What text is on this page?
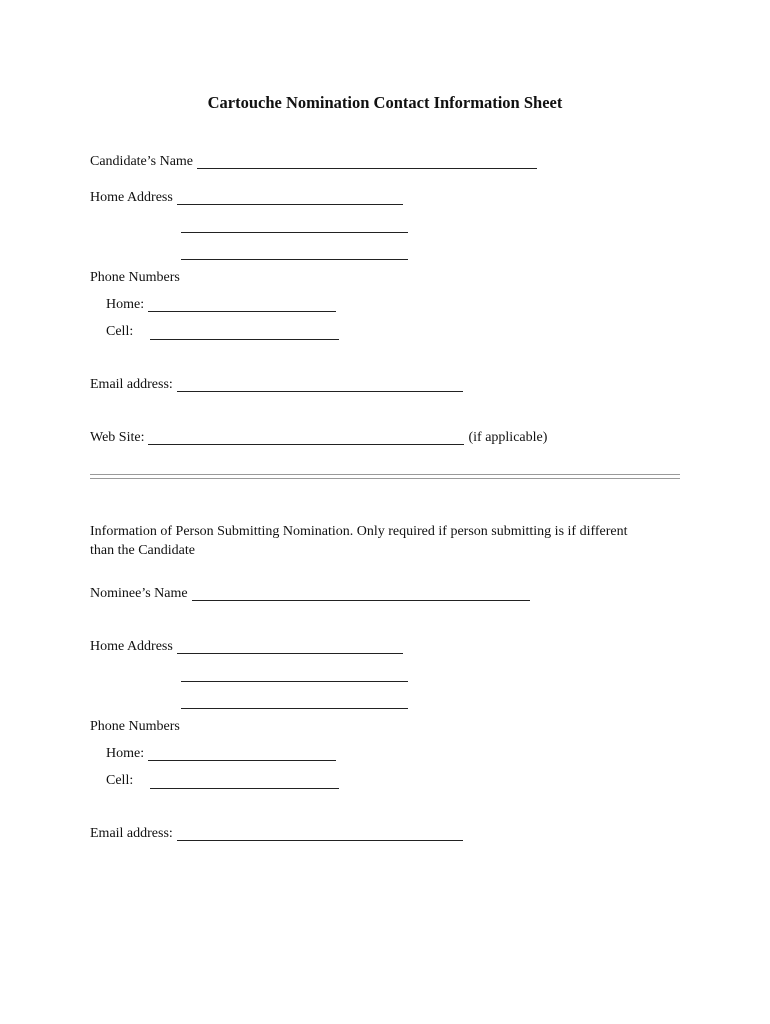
Cartouche Nomination Contact Information Sheet
Candidate’s Name
Home Address
Phone Numbers
Home:
Cell:
Email address:
Web Site:	(if applicable)
Information of Person Submitting Nomination. Only required if person submitting is if different
than the Candidate
Nominee’s Name
Home Address
Phone Numbers
Home:
Cell:
Email address:
